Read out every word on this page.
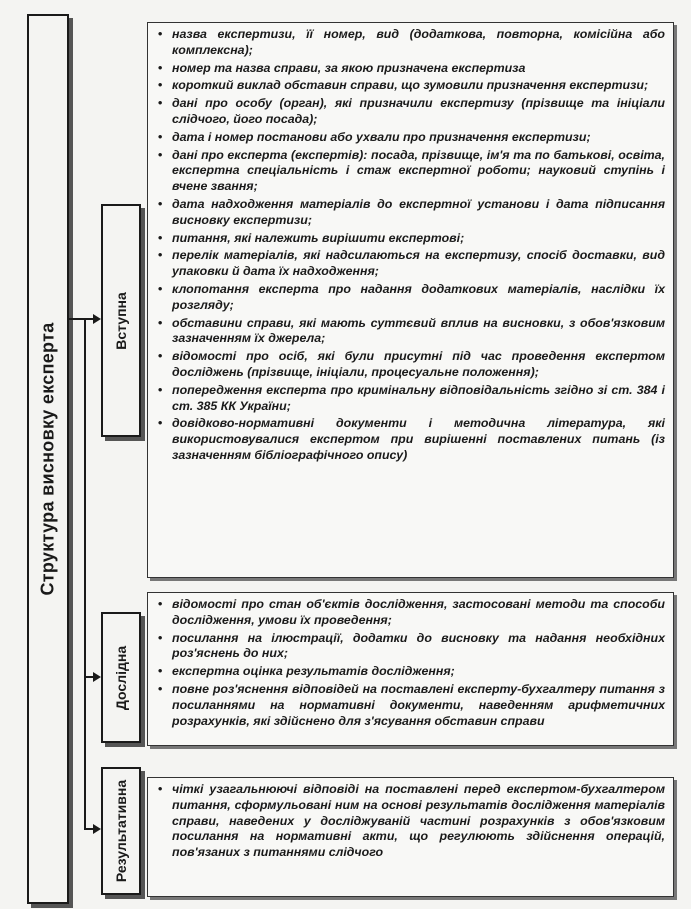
Структура висновку експерта
Вступна
Дослідна
Результативна
• назва експертизи, її номер, вид (додаткова, повторна, комісійна або комплексна);
• номер та назва справи, за якою призначена експертиза
• короткий виклад обставин справи, що зумовили призначення експертизи;
• дані про особу (орган), які призначили експертизу (прізвище та ініціали слідчого, його посада);
• дата і номер постанови або ухвали про призначення експертизи;
• дані про експерта (експертів): посада, прізвище, ім'я та по батькові, освіта, експертна спеціальність і стаж експертної роботи; науковий ступінь і вчене звання;
• дата надходження матеріалів до експертної установи і дата підписання висновку експертизи;
• питання, які належить вирішити експертові;
• перелік матеріалів, які надсилаються на експертизу, спосіб доставки, вид упаковки й дата їх надходження;
• клопотання експерта про надання додаткових матеріалів, наслідки їх розгляду;
• обставини справи, які мають суттєвий вплив на висновки, з обов'язковим зазначенням їх джерела;
• відомості про осіб, які були присутні під час проведення експертом досліджень (прізвище, ініціали, процесуальне положення);
• попередження експерта про кримінальну відповідальність згідно зі ст. 384 і ст. 385 КК України;
• довідково-нормативні документи і методична література, які використовувалися експертом при вирішенні поставлених питань (із зазначенням бібліографічного опису)
• відомості про стан об'єктів дослідження, застосовані методи та способи дослідження, умови їх проведення;
• посилання на ілюстрації, додатки до висновку та надання необхідних роз'яснень до них;
• експертна оцінка результатів дослідження;
• повне роз'яснення відповідей на поставлені експерту-бухгалтеру питання з посиланнями на нормативні документи, наведенням арифметичних розрахунків, які здійснено для з'ясування обставин справи
• чіткі узагальнюючі відповіді на поставлені перед експертом-бухгалтером питання, сформульовані ним на основі результатів дослідження матеріалів справи, наведених у досліджуваній частині розрахунків з обов'язковим посилання на нормативні акти, що регулюють здійснення операцій, пов'язаних з питаннями слідчого
